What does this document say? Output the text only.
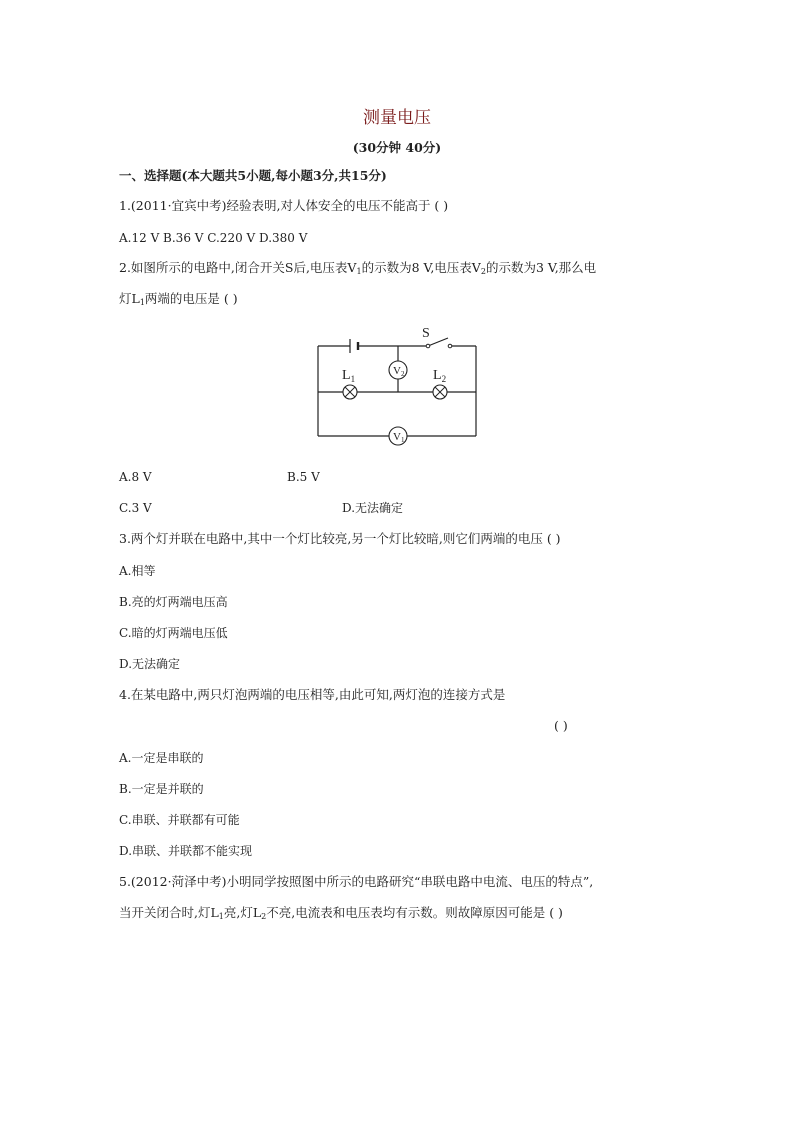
测量电压
(30分钟 40分)
一、选择题(本大题共5小题,每小题3分,共15分)
1.(2011·宜宾中考)经验表明,对人体安全的电压不能高于 ( )
A.12 V B.36 V C.220 V D.380 V
2.如图所示的电路中,闭合开关S后,电压表$V_1$的示数为8 V,电压表$V_2$的示数为3 V,那么电
灯$L_1$两端的电压是 ( )
S
$L_1$	$L_2$
V2
V1
A.8 V	B.5 V
C.3 V	D.无法确定
3.两个灯并联在电路中,其中一个灯比较亮,另一个灯比较暗,则它们两端的电压 ( )
A.相等
B.亮的灯两端电压高
C.暗的灯两端电压低
D.无法确定
4.在某电路中,两只灯泡两端的电压相等,由此可知,两灯泡的连接方式是
( )
A.一定是串联的
B.一定是并联的
C.串联、并联都有可能
D.串联、并联都不能实现
5.(2012·菏泽中考)小明同学按照图中所示的电路研究“串联电路中电流、电压的特点”,
当开关闭合时,灯$L_1$亮,灯$L_2$不亮,电流表和电压表均有示数。则故障原因可能是 ( )
